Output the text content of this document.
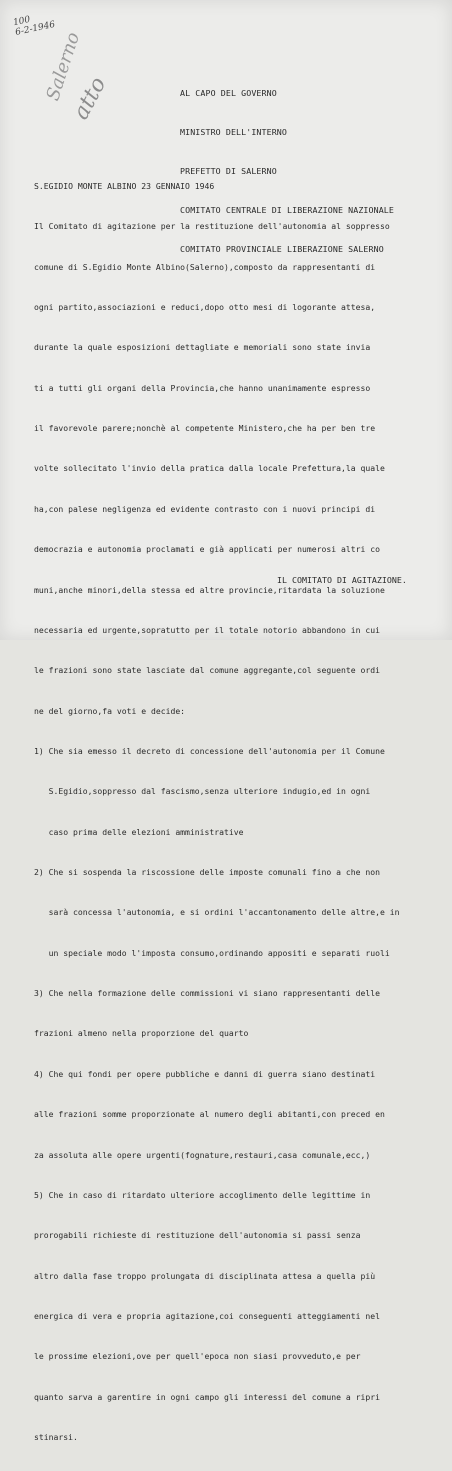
100
6-2-1946
Salerno
atto

	AL CAPO DEL GOVERNO

MINISTRO DELL'INTERNO

PREFETTO DI SALERNO

COMITATO CENTRALE DI LIBERAZIONE NAZIONALE

COMITATO PROVINCIALE LIBERAZIONE SALERNO

S.EGIDIO MONTE ALBINO 23 GENNAIO 1946

Il Comitato di agitazione per la restituzione dell'autonomia al soppresso

comune di S.Egidio Monte Albino(Salerno),composto da rappresentanti di

ogni partito,associazioni e reduci,dopo otto mesi di logorante attesa,

durante la quale esposizioni dettagliate e memoriali sono state invia

ti a tutti gli organi della Provincia,che hanno unanimamente espresso

il favorevole parere;nonchè al competente Ministero,che ha per ben tre

volte sollecitato l'invio della pratica dalla locale Prefettura,la quale

ha,con palese negligenza ed evidente contrasto con i nuovi principi di

democrazia e autonomia proclamati e già applicati per numerosi altri co

muni,anche minori,della stessa ed altre provincie,ritardata la soluzione

necessaria ed urgente,sopratutto per il totale notorio abbandono in cui

le frazioni sono state lasciate dal comune aggregante,col seguente ordi

ne del giorno,fa voti e decide:

1) Che sia emesso il decreto di concessione dell'autonomia per il Comune

S.Egidio,soppresso dal fascismo,senza ulteriore indugio,ed in ogni

caso prima delle elezioni amministrative

2) Che si sospenda la riscossione delle imposte comunali fino a che non

sarà concessa l'autonomia, e si ordini l'accantonamento delle altre,e in

un speciale modo l'imposta consumo,ordinando appositi e separati ruoli

3) Che nella formazione delle commissioni vi siano rappresentanti delle

frazioni almeno nella proporzione del quarto

4) Che qui fondi per opere pubbliche e danni di guerra siano destinati

alle frazioni somme proporzionate al numero degli abitanti,con preced en

za assoluta alle opere urgenti(fognature,restauri,casa comunale,ecc,)

5) Che in caso di ritardato ulteriore accoglimento delle legittime in

prorogabili richieste di restituzione dell'autonomia si passi senza

altro dalla fase troppo prolungata di disciplinata attesa a quella più

energica di vera e propria agitazione,coi conseguenti atteggiamenti nel

le prossime elezioni,ove per quell'epoca non siasi provveduto,e per

quanto sarva a garentire in ogni campo gli interessi del comune a ripri

stinarsi.

IL COMITATO DI AGITAZIONE.
